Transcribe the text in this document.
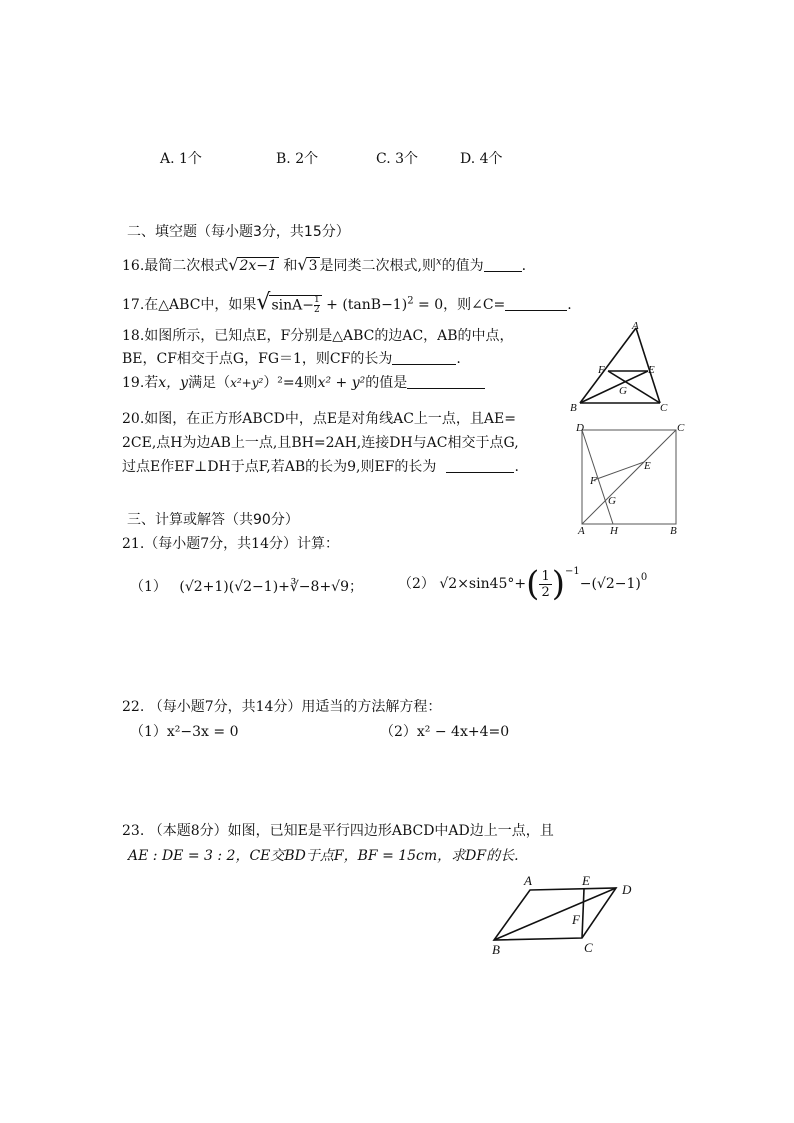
A. 1个	B. 2个	C. 3个	D. 4个
二、填空题（每小题3分，共15分）
16.最简二次根式√2x−1 和√3 是同类二次根式,则$^x$的值为	.
17.在△ABC中，如果$√\sin A- \frac{1}{2} + (\tan B-1)^2 = 0$，则∠C=	.
18.如图所示，已知点E，F分别是△ABC的边AC，AB的中点，
BE，CF相交于点G，FG＝1，则CF的长为	.
19.若x，y满足（x²+y²）²=4则x² + y²的值是
20.如图，在正方形ABCD中，点E是对角线AC上一点，且AE=
2CE,点H为边AB上一点,且BH=2AH,连接DH与AC相交于点G,
过点E作EF⊥DH于点F,若AB的长为9,则EF的长为	.
A
B	C
E
F
G
D	C
A H	B
E
F
G
三、计算或解答（共90分）
21.（每小题7分，共14分）计算：
（1） (√2+1)(√2−1)+∛−8+√9； （2） $√2\times\sin 45^\circ+( \frac{1}{2} )^{-1}-(√2-1)^0$
22. （每小题7分，共14分）用适当的方法解方程：
（1）x²−3x = 0	（2）x² − 4x+4=0
23. （本题8分）如图，已知E是平行四边形ABCD中AD边上一点，且
AE : DE = 3 : 2，CE交BD于点F，BF = 15cm，求DF的长.
A	E
D
B	C
F
